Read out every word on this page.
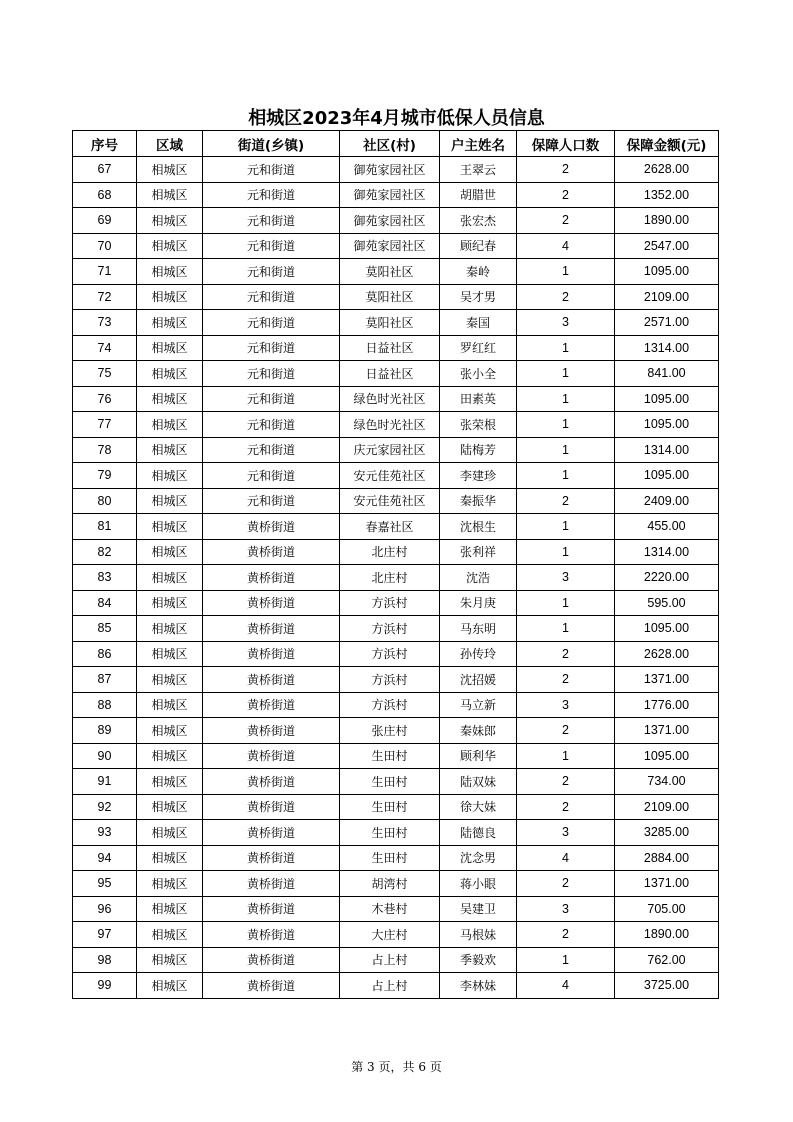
相城区2023年4月城市低保人员信息
序号	区域	街道(乡镇)	社区(村)	户主姓名	保障人口数	保障金额(元)
67	相城区	元和街道	御苑家园社区	王翠云	2	2628.00
68	相城区	元和街道	御苑家园社区	胡腊世	2	1352.00
69	相城区	元和街道	御苑家园社区	张宏杰	2	1890.00
70	相城区	元和街道	御苑家园社区	顾纪春	4	2547.00
71	相城区	元和街道	莫阳社区	秦岭	1	1095.00
72	相城区	元和街道	莫阳社区	吴才男	2	2109.00
73	相城区	元和街道	莫阳社区	秦国	3	2571.00
74	相城区	元和街道	日益社区	罗红红	1	1314.00
75	相城区	元和街道	日益社区	张小全	1	841.00
76	相城区	元和街道	绿色时光社区	田素英	1	1095.00
77	相城区	元和街道	绿色时光社区	张荣根	1	1095.00
78	相城区	元和街道	庆元家园社区	陆梅芳	1	1314.00
79	相城区	元和街道	安元佳苑社区	李建珍	1	1095.00
80	相城区	元和街道	安元佳苑社区	秦振华	2	2409.00
81	相城区	黄桥街道	春嘉社区	沈根生	1	455.00
82	相城区	黄桥街道	北庄村	张利祥	1	1314.00
83	相城区	黄桥街道	北庄村	沈浩	3	2220.00
84	相城区	黄桥街道	方浜村	朱月庚	1	595.00
85	相城区	黄桥街道	方浜村	马东明	1	1095.00
86	相城区	黄桥街道	方浜村	孙传玲	2	2628.00
87	相城区	黄桥街道	方浜村	沈招媛	2	1371.00
88	相城区	黄桥街道	方浜村	马立新	3	1776.00
89	相城区	黄桥街道	张庄村	秦妹郎	2	1371.00
90	相城区	黄桥街道	生田村	顾利华	1	1095.00
91	相城区	黄桥街道	生田村	陆双妹	2	734.00
92	相城区	黄桥街道	生田村	徐大妹	2	2109.00
93	相城区	黄桥街道	生田村	陆德良	3	3285.00
94	相城区	黄桥街道	生田村	沈念男	4	2884.00
95	相城区	黄桥街道	胡湾村	蒋小眼	2	1371.00
96	相城区	黄桥街道	木巷村	吴建卫	3	705.00
97	相城区	黄桥街道	大庄村	马根妹	2	1890.00
98	相城区	黄桥街道	占上村	季毅欢	1	762.00
99	相城区	黄桥街道	占上村	李林妹	4	3725.00
第 3 页，共 6 页
